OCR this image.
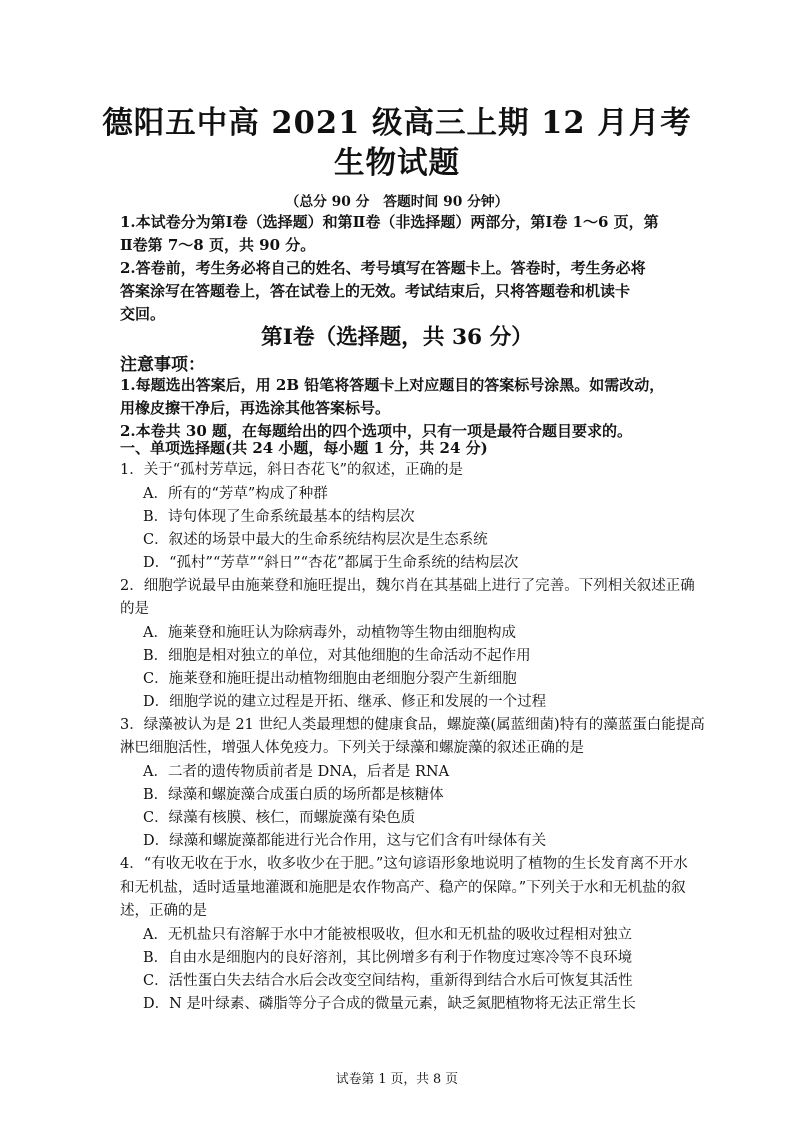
德阳五中高 2021 级高三上期 12 月月考
生物试题
（总分 90 分　答题时间 90 分钟）
1.本试卷分为第Ⅰ卷（选择题）和第Ⅱ卷（非选择题）两部分，第Ⅰ卷 1～6 页，第
Ⅱ卷第 7～8 页，共 90 分。
2.答卷前，考生务必将自己的姓名、考号填写在答题卡上。答卷时，考生务必将
答案涂写在答题卷上，答在试卷上的无效。考试结束后，只将答题卷和机读卡
交回。
第Ⅰ卷（选择题，共 36 分）
注意事项：
1.每题选出答案后，用 2B 铅笔将答题卡上对应题目的答案标号涂黑。如需改动，
用橡皮擦干净后，再选涂其他答案标号。
2.本卷共 30 题，在每题给出的四个选项中，只有一项是最符合题目要求的。
一、单项选择题(共 24 小题，每小题 1 分，共 24 分)
1．关于“孤村芳草远，斜日杏花飞”的叙述，正确的是
A．所有的“芳草”构成了种群
B．诗句体现了生命系统最基本的结构层次
C．叙述的场景中最大的生命系统结构层次是生态系统
D．“孤村”“芳草”“斜日”“杏花”都属于生命系统的结构层次
2．细胞学说最早由施莱登和施旺提出，魏尔肖在其基础上进行了完善。下列相关叙述正确
的是
A．施莱登和施旺认为除病毒外，动植物等生物由细胞构成
B．细胞是相对独立的单位，对其他细胞的生命活动不起作用
C．施莱登和施旺提出动植物细胞由老细胞分裂产生新细胞
D．细胞学说的建立过程是开拓、继承、修正和发展的一个过程
3．绿藻被认为是 21 世纪人类最理想的健康食品，螺旋藻(属蓝细菌)特有的藻蓝蛋白能提高
淋巴细胞活性，增强人体免疫力。下列关于绿藻和螺旋藻的叙述正确的是
A．二者的遗传物质前者是 DNA，后者是 RNA
B．绿藻和螺旋藻合成蛋白质的场所都是核糖体
C．绿藻有核膜、核仁，而螺旋藻有染色质
D．绿藻和螺旋藻都能进行光合作用，这与它们含有叶绿体有关
4．“有收无收在于水，收多收少在于肥。”这句谚语形象地说明了植物的生长发育离不开水
和无机盐，适时适量地灌溉和施肥是农作物高产、稳产的保障。”下列关于水和无机盐的叙
述，正确的是
A．无机盐只有溶解于水中才能被根吸收，但水和无机盐的吸收过程相对独立
B．自由水是细胞内的良好溶剂，其比例增多有利于作物度过寒冷等不良环境
C．活性蛋白失去结合水后会改变空间结构，重新得到结合水后可恢复其活性
D．N 是叶绿素、磷脂等分子合成的微量元素，缺乏氮肥植物将无法正常生长
试卷第 1 页，共 8 页
